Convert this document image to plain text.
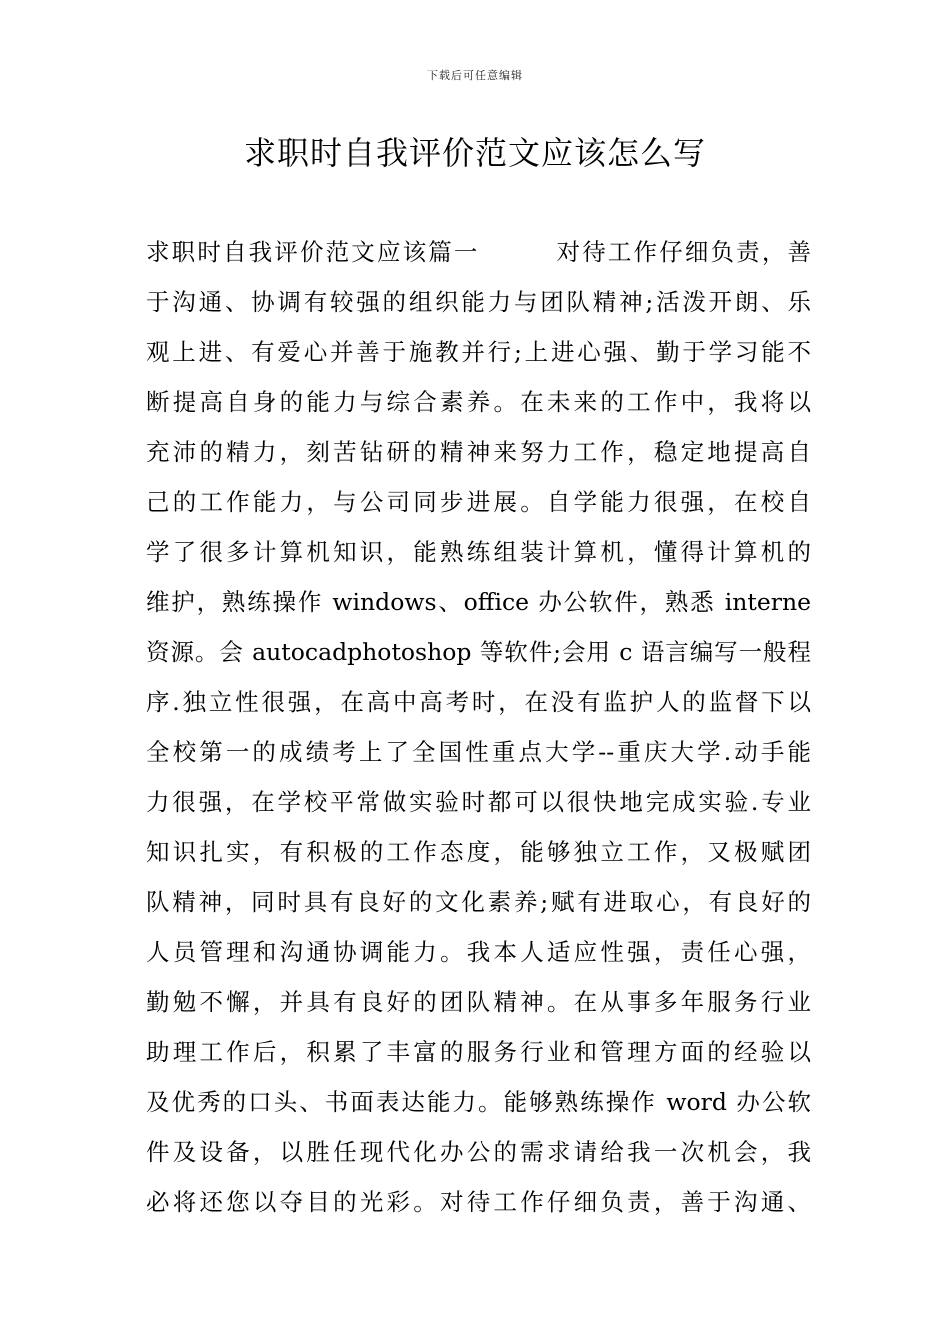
下载后可任意编辑
求职时自我评价范文应该怎么写
求职时自我评价范文应该篇一　　　对待工作仔细负责，善
于沟通、协调有较强的组织能力与团队精神;活泼开朗、乐
观上进、有爱心并善于施教并行;上进心强、勤于学习能不
断提高自身的能力与综合素养。在未来的工作中，我将以
充沛的精力，刻苦钻研的精神来努力工作，稳定地提高自
己的工作能力，与公司同步进展。自学能力很强，在校自
学了很多计算机知识，能熟练组装计算机，懂得计算机的
维护，熟练操作 windows、office 办公软件，熟悉 interne
资源。会 autocadphotoshop 等软件;会用 c 语言编写一般程
序.独立性很强，在高中高考时，在没有监护人的监督下以
全校第一的成绩考上了全国性重点大学--重庆大学.动手能
力很强，在学校平常做实验时都可以很快地完成实验.专业
知识扎实，有积极的工作态度，能够独立工作，又极赋团
队精神，同时具有良好的文化素养;赋有进取心，有良好的
人员管理和沟通协调能力。我本人适应性强，责任心强，
勤勉不懈，并具有良好的团队精神。在从事多年服务行业
助理工作后，积累了丰富的服务行业和管理方面的经验以
及优秀的口头、书面表达能力。能够熟练操作 word 办公软
件及设备，以胜任现代化办公的需求请给我一次机会，我
必将还您以夺目的光彩。对待工作仔细负责，善于沟通、
